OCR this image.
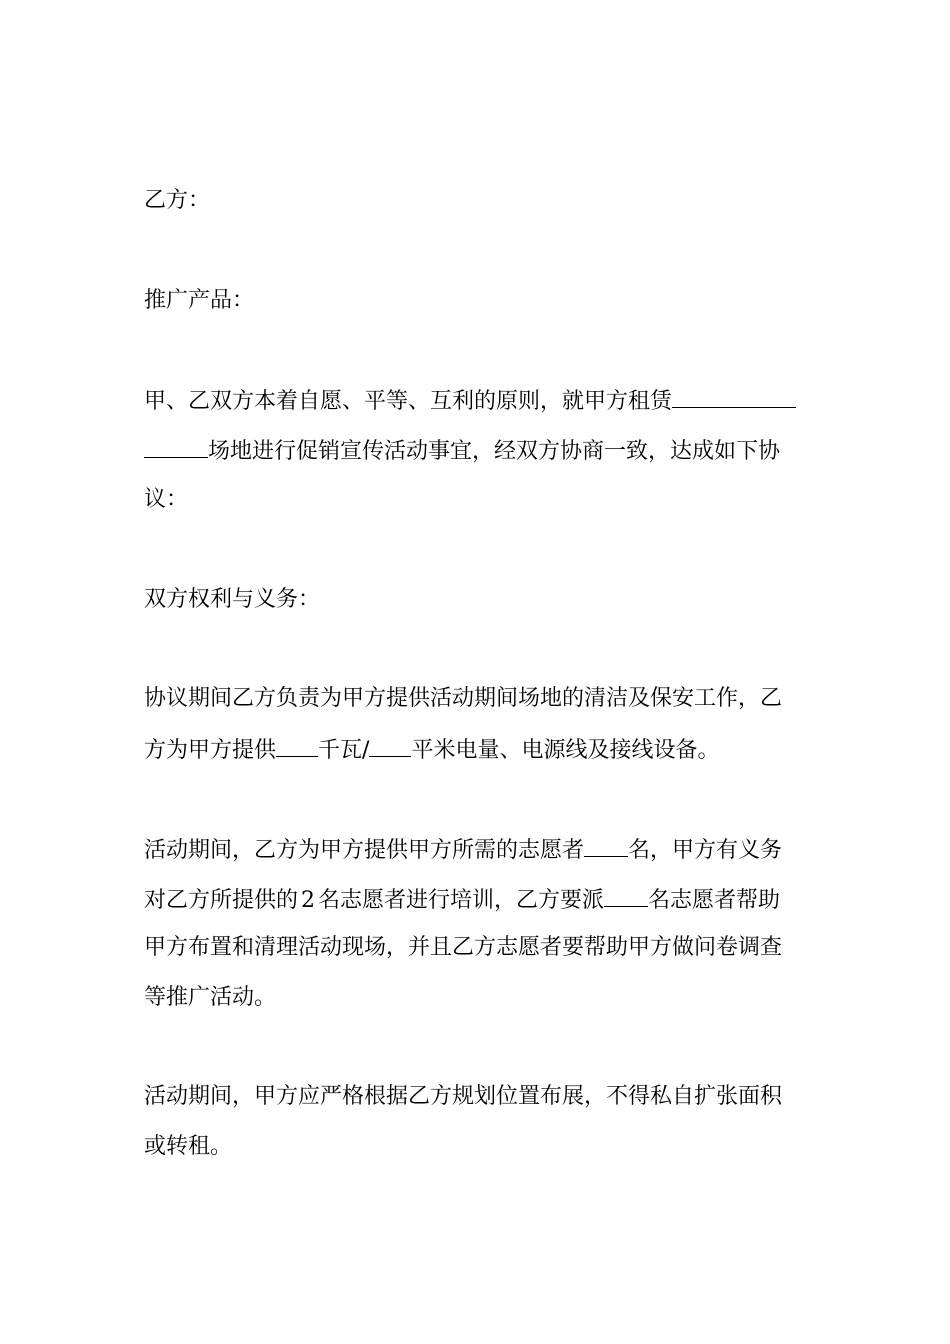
乙方：
推广产品：
甲、乙双方本着自愿、平等、互利的原则，就甲方租赁
场地进行促销宣传活动事宜，经双方协商一致，达成如下协
议：
双方权利与义务：
协议期间乙方负责为甲方提供活动期间场地的清洁及保安工作，乙
方为甲方提供 千瓦/ 平米电量、电源线及接线设备。
活动期间，乙方为甲方提供甲方所需的志愿者 名，甲方有义务
对乙方所提供的 2 名志愿者进行培训，乙方要派 名志愿者帮助
甲方布置和清理活动现场，并且乙方志愿者要帮助甲方做问卷调查
等推广活动。
活动期间，甲方应严格根据乙方规划位置布展，不得私自扩张面积
或转租。
